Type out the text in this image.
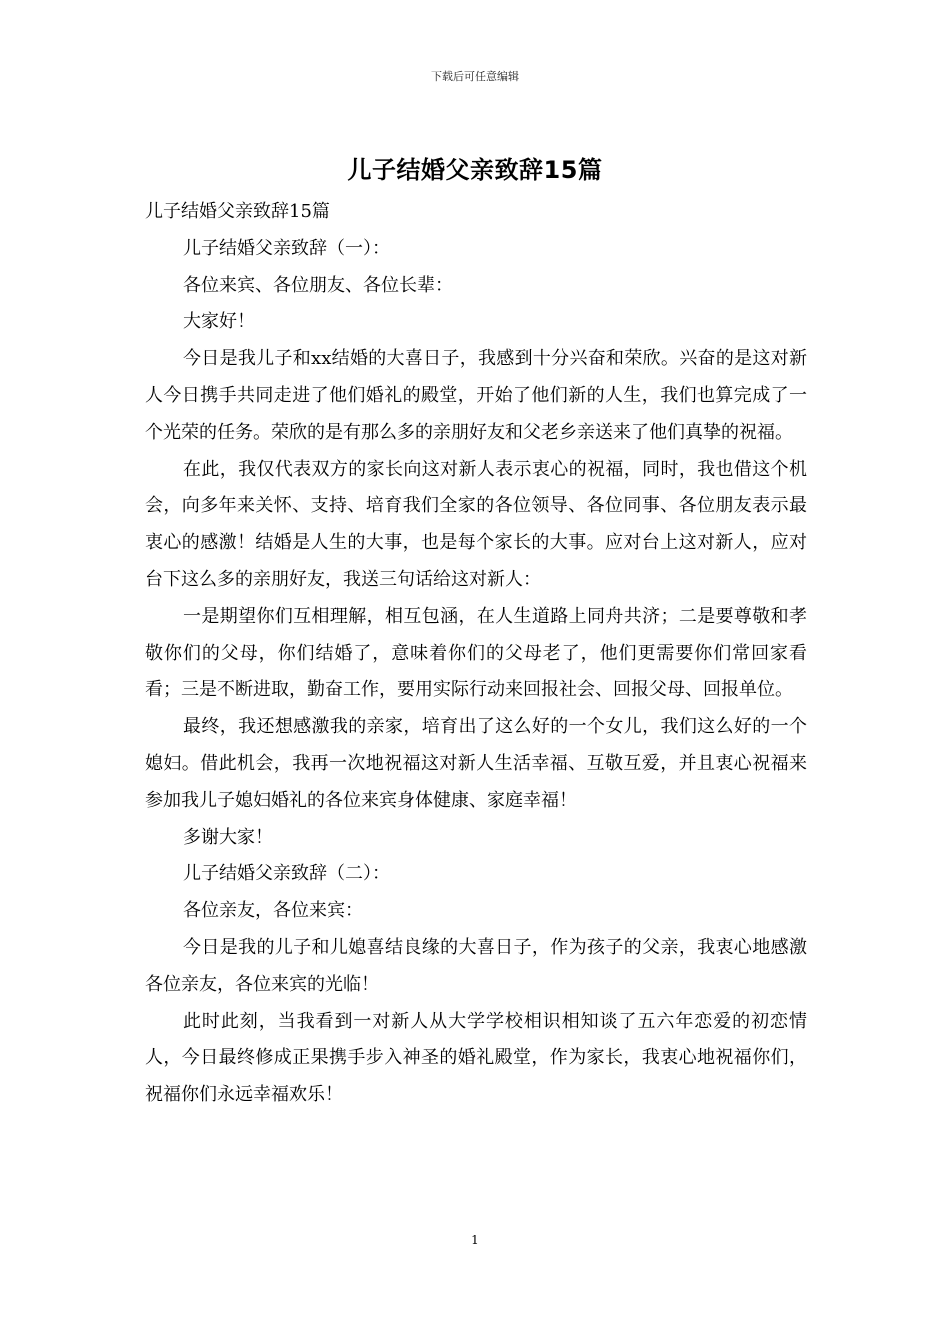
下载后可任意编辑
儿子结婚父亲致辞15篇

儿子结婚父亲致辞15篇

儿子结婚父亲致辞（一）：

各位来宾、各位朋友、各位长辈：

大家好！

今日是我儿子和xx结婚的大喜日子，我感到十分兴奋和荣欣。兴奋的是这对新人今日携手共同走进了他们婚礼的殿堂，开始了他们新的人生，我们也算完成了一个光荣的任务。荣欣的是有那么多的亲朋好友和父老乡亲送来了他们真挚的祝福。

在此，我仅代表双方的家长向这对新人表示衷心的祝福，同时，我也借这个机会，向多年来关怀、支持、培育我们全家的各位领导、各位同事、各位朋友表示最衷心的感激！结婚是人生的大事，也是每个家长的大事。应对台上这对新人，应对台下这么多的亲朋好友，我送三句话给这对新人：

一是期望你们互相理解，相互包涵，在人生道路上同舟共济；二是要尊敬和孝敬你们的父母，你们结婚了，意味着你们的父母老了，他们更需要你们常回家看看；三是不断进取，勤奋工作，要用实际行动来回报社会、回报父母、回报单位。

最终，我还想感激我的亲家，培育出了这么好的一个女儿，我们这么好的一个媳妇。借此机会，我再一次地祝福这对新人生活幸福、互敬互爱，并且衷心祝福来参加我儿子媳妇婚礼的各位来宾身体健康、家庭幸福！

多谢大家！

儿子结婚父亲致辞（二）：

各位亲友，各位来宾：

今日是我的儿子和儿媳喜结良缘的大喜日子，作为孩子的父亲，我衷心地感激各位亲友，各位来宾的光临！

此时此刻，当我看到一对新人从大学学校相识相知谈了五六年恋爱的初恋情人，今日最终修成正果携手步入神圣的婚礼殿堂，作为家长，我衷心地祝福你们，祝福你们永远幸福欢乐！

1
